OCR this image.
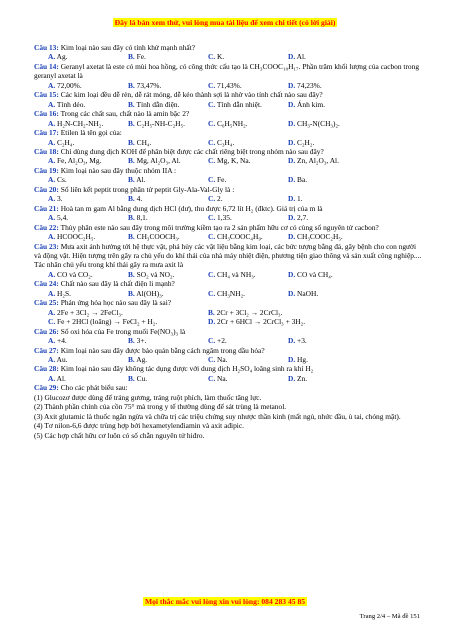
Đây là bản xem thử, vui lòng mua tài liệu để xem chi tiết (có lời giải)

Câu 13: Kim loại nào sau đây có tính khử mạnh nhất?

A. Ag.	B. Fe.	C. K.	D. Al.

Câu 14: Geranyl axetat là este có mùi hoa hồng, có công thức cấu tạo là CH₃COOC₁₀H₁₇. Phần trăm khối lượng của cacbon trong geranyl axetat là

A. 72,00%.	B. 73,47%.	C. 71,43%.	D. 74,23%.

Câu 15: Các kim loại đều dễ rèn, dễ rát mỏng, dễ kéo thành sợi là nhờ vào tính chất nào sau đây?

A. Tính dẻo.	B. Tính dẫn điện.	C. Tính dẫn nhiệt.	D. Ánh kim.

Câu 16: Trong các chất sau, chất nào là amin bậc 2?

A. H₂N-CH₂-NH₂.	B. C₂H₅-NH-C₂H₅.	C. C₆H₅NH₂.	D. CH₃-N(CH₃)₂.

Câu 17: Etilen là tên gọi của:

A. C₂H₄.	B. CH₄.	C. C₃H₄.	D. C₂H₂.

Câu 18: Chỉ dùng dung dịch KOH để phân biệt được các chất riêng biệt trong nhóm nào sau đây?

A. Fe, Al₂O₃, Mg.	B. Mg, Al₂O₃, Al.	C. Mg, K, Na.	D. Zn, Al₂O₃, Al.

Câu 19: Kim loại nào sau đây thuộc nhóm IIA :

A. Cs.	B. Al.	C. Fe.	D. Ba.

Câu 20: Số liên kết peptit trong phân tử peptit Gly-Ala-Val-Gly là :

A. 3.	B. 4.	C. 2.	D. 1.

Câu 21: Hoà tan m gam Al bằng dung dịch HCl (dư), thu được 6,72 lít H₂ (đktc). Giá trị của m là

A. 5,4.	B. 8,1.	C. 1,35.	D. 2,7.

Câu 22: Thủy phân este nào sau đây trong môi trường kiềm tạo ra 2 sản phẩm hữu cơ có cùng số nguyên tử cacbon?

A. HCOOC₂H₅.	B. CH₃COOCH₃.	C. CH₃COOC₄H₉.	D. CH₃COOC₂H₅.

Câu 23: Mưa axit ảnh hưởng tới hệ thực vật, phá hủy các vật liệu bằng kim loại, các bức tượng bằng đá, gây bệnh cho con người và động vật. Hiện tượng trên gây ra chủ yếu do khí thải của nhà máy nhiệt điện, phương tiện giao thông và sản xuất công nghiệp.... Tác nhân chủ yếu trong khí thải gây ra mưa axit là

A. CO và CO₂.	B. SO₂ và NO₂.	C. CH₄ và NH₃.	D. CO và CH₄.

Câu 24: Chất nào sau đây là chất điện li mạnh?

A. H₂S.	B. Al(OH)₃.	C. CH₃NH₂.	D. NaOH.

Câu 25: Phản ứng hóa học nào sau đây là sai?

A. 2Fe + 3Cl₂ → 2FeCl₃.	B. 2Cr + 3Cl₂ → 2CrCl₃.
C. Fe + 2HCl (loãng) → FeCl₂ + H₂.	D. 2Cr + 6HCl → 2CrCl₃ + 3H₂.

Câu 26: Số oxi hóa của Fe trong muối Fe(NO₃)₃ là

A. +4.	B. 3+.	C. +2.	D. +3.

Câu 27: Kim loại nào sau đây được bảo quản bằng cách ngâm trong dầu hỏa?

A. Au.	B. Ag.	C. Na.	D. Hg.

Câu 28: Kim loại nào sau đây không tác dụng được với dung dịch H₂SO₄ loãng sinh ra khí H₂

A. Al.	B. Cu.	C. Na.	D. Zn.

Câu 29: Cho các phát biểu sau:

(1) Glucozơ được dùng để tráng gương, tráng ruột phích, làm thuốc tăng lực.

(2) Thành phần chính của cồn 75° mà trong y tế thường dùng để sát trùng là metanol.

(3) Axit glutamic là thuốc ngăn ngừa và chữa trị các triệu chứng suy nhược thần kinh (mất ngủ, nhức đầu, ù tai, chóng mặt).

(4) Tơ nilon-6,6 được trùng hợp bởi hexametylenđiamin và axit ađipic.

(5) Các hợp chất hữu cơ luôn có số chẵn nguyên tử hiđro.

Mọi thắc mắc vui lòng xin vui lòng: 084 283 45 85
Trang 2/4 – Mã đề 151
